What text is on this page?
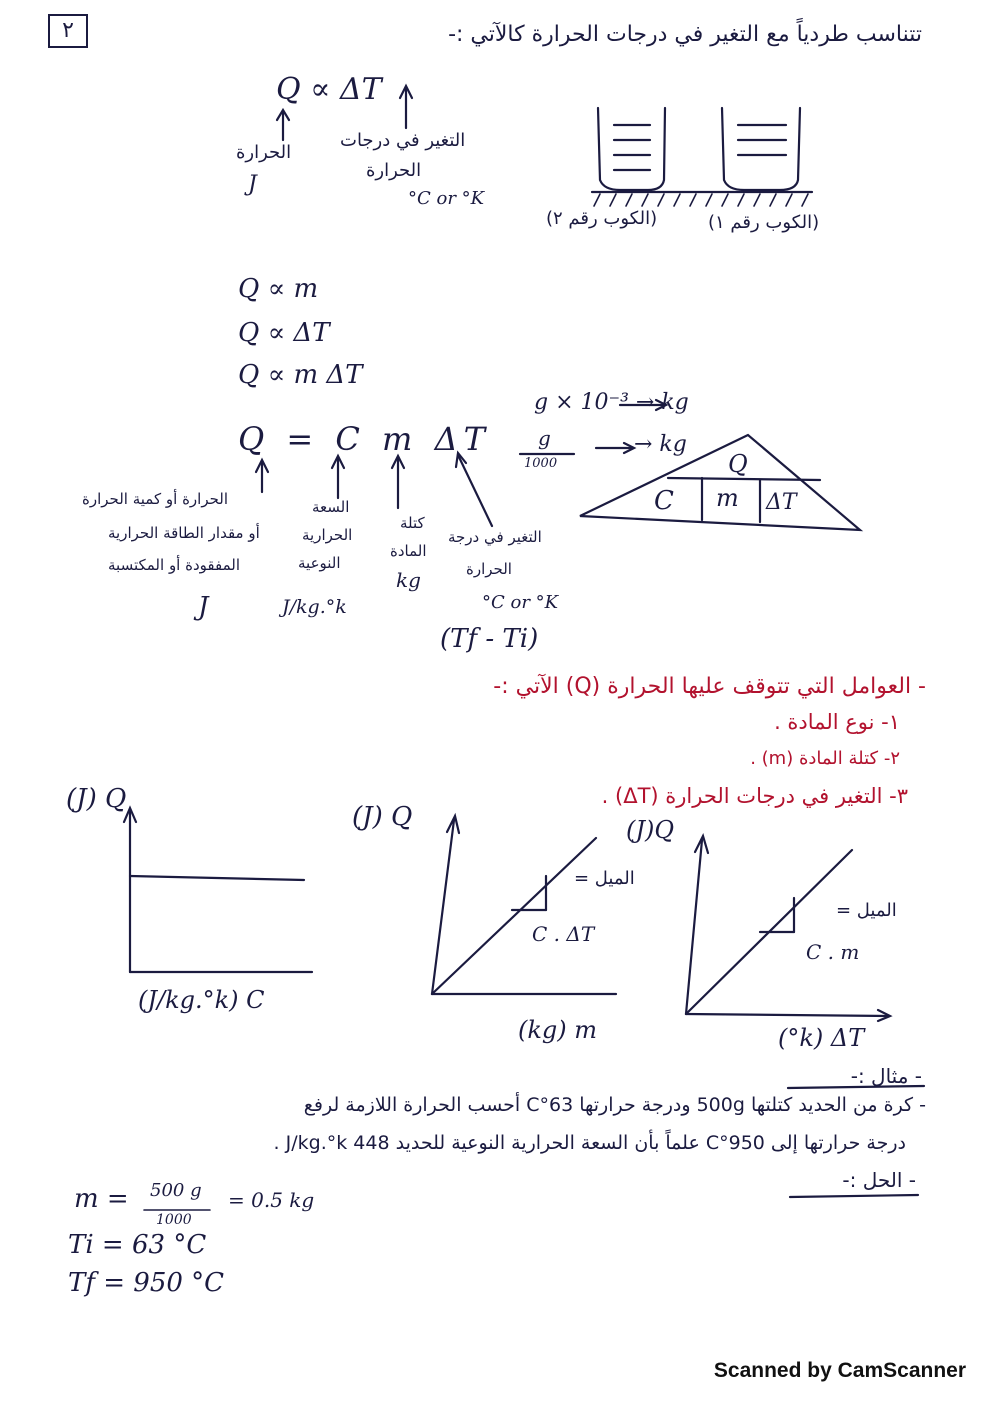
٢	تتناسب طردياً مع التغير في درجات الحرارة كالآتي :-
Q ∝ ΔT
الحرارة
J
التغير في درجات
الحرارة
°C or °K
(الكوب رقم ٢)	(الكوب رقم ١)
Q ∝ m
Q ∝ ΔT
Q ∝ m ΔT
Q = C m ΔT
الحرارة أو كمية الحرارة
أو مقدار الطاقة الحرارية
المفقودة أو المكتسبة
J
السعة
الحرارية
النوعية
J/kg.°k
كتلة
المادة
kg
التغير في درجة
الحرارة
°C or °K
(Tf - Ti)
g × 10⁻³ → kg
g
1000
→ kg
Q
C m ΔT
- العوامل التي تتوقف عليها الحرارة (Q) الآتي :-
١- نوع المادة .
٢- كتلة المادة (m) .
٣- التغير في درجات الحرارة (ΔT) .
(J) Q
(J/kg.°k) C
(J) Q
(kg) m
الميل =
C . ΔT
(J)Q
(°k) ΔT
الميل =
C . m
- مثال :-
- كرة من الحديد كتلتها 500g ودرجة حرارتها 63°C أحسب الحرارة اللازمة لرفع
درجة حرارتها إلى 950°C علماً بأن السعة الحرارية النوعية للحديد 448 J/kg.°k .
- الحل :-
m = 500 g
1000
= 0.5 kg
Ti = 63 °C
Tf = 950 °C
Scanned by CamScanner
